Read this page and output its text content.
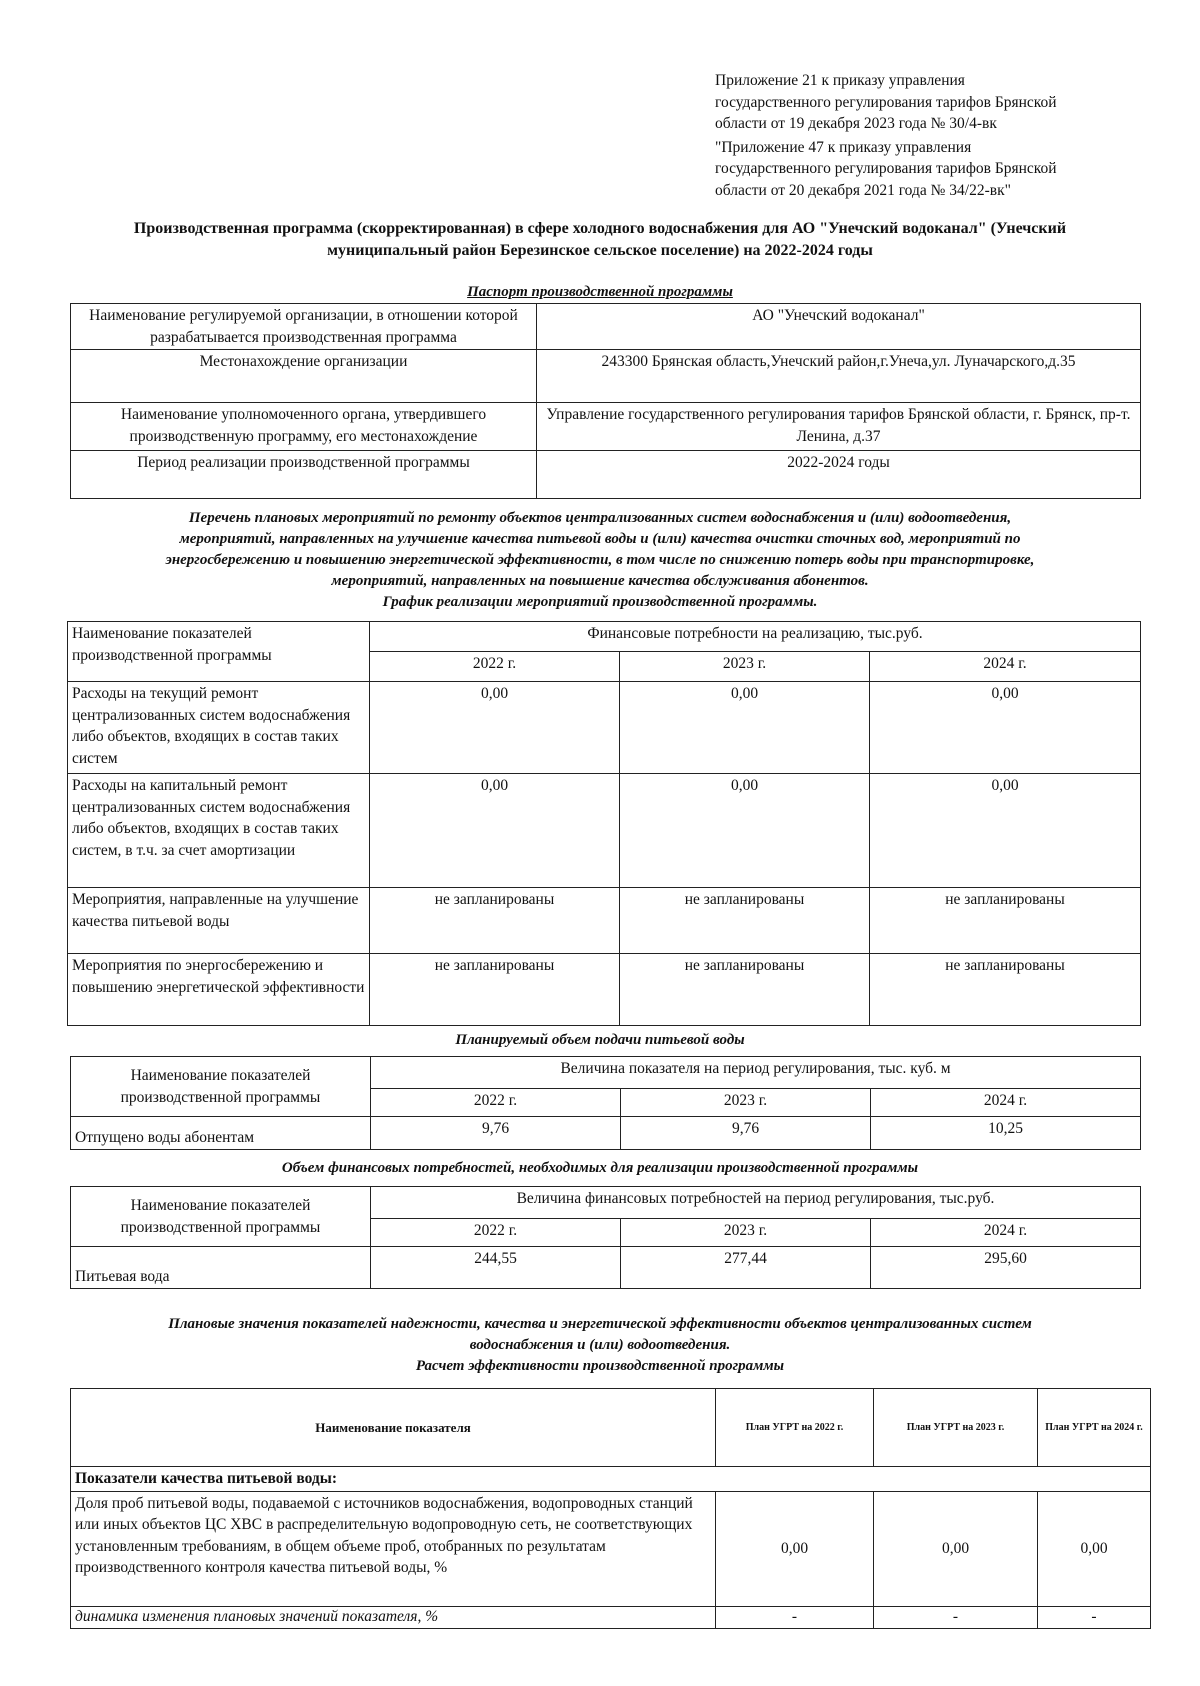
Приложение 21 к приказу управления
государственного регулирования тарифов Брянской
области от 19 декабря 2023 года № 30/4-вк
"Приложение 47 к приказу управления
государственного регулирования тарифов Брянской
области от 20 декабря 2021 года № 34/22-вк"
Производственная программа (скорректированная) в сфере холодного водоснабжения для АО "Унечский водоканал" (Унечский
муниципальный район Березинское сельское поселение) на 2022-2024 годы
Паспорт производственной программы
Наименование регулируемой организации, в отношении которой разрабатывается производственная программа	АО "Унечский водоканал"
Местонахождение организации	243300 Брянская область,Унечский район,г.Унеча,ул. Луначарского,д.35
Наименование уполномоченного органа, утвердившего производственную программу, его местонахождение	Управление государственного регулирования тарифов Брянской области, г. Брянск, пр-т. Ленина, д.37
Период реализации производственной программы	2022-2024 годы
Перечень плановых мероприятий по ремонту объектов централизованных систем водоснабжения и (или) водоотведения,
мероприятий, направленных на улучшение качества питьевой воды и (или) качества очистки сточных вод, мероприятий по
энергосбережению и повышению энергетической эффективности, в том числе по снижению потерь воды при транспортировке,
мероприятий, направленных на повышение качества обслуживания абонентов.
График реализации мероприятий производственной программы.
Наименование показателей производственной программы	Финансовые потребности на реализацию, тыс.руб.		
	2022 г.	2023 г.	2024 г.
Расходы на текущий ремонт централизованных систем водоснабжения либо объектов, входящих в состав таких систем	0,00	0,00	0,00
Расходы на капитальный ремонт централизованных систем водоснабжения либо объектов, входящих в состав таких систем, в т.ч. за счет амортизации	0,00	0,00	0,00
Мероприятия, направленные на улучшение качества питьевой воды	не запланированы	не запланированы	не запланированы
Мероприятия по энергосбережению и повышению энергетической эффективности	не запланированы	не запланированы	не запланированы
Планируемый объем подачи питьевой воды
Наименование показателей производственной программы	Величина показателя на период регулирования, тыс. куб. м		
	2022 г.	2023 г.	2024 г.
Отпущено воды абонентам	9,76	9,76	10,25
Объем финансовых потребностей, необходимых для реализации производственной программы
Наименование показателей производственной программы	Величина финансовых потребностей на период регулирования, тыс.руб.		
	2022 г.	2023 г.	2024 г.
Питьевая вода	244,55	277,44	295,60
Плановые значения показателей надежности, качества и энергетической эффективности объектов централизованных систем
водоснабжения и (или) водоотведения.
Расчет эффективности производственной программы
Наименование показателя	План УГРТ на 2022 г.	План УГРТ на 2023 г.	План УГРТ на 2024 г.
Показатели качества питьевой воды:			
Доля проб питьевой воды, подаваемой с источников водоснабжения, водопроводных станций или иных объектов ЦС ХВС в распределительную водопроводную сеть, не соответствующих установленным требованиям, в общем объеме проб, отобранных по результатам производственного контроля качества питьевой воды, %	0,00	0,00	0,00
динамика изменения плановых значений показателя, %	-	-	-
